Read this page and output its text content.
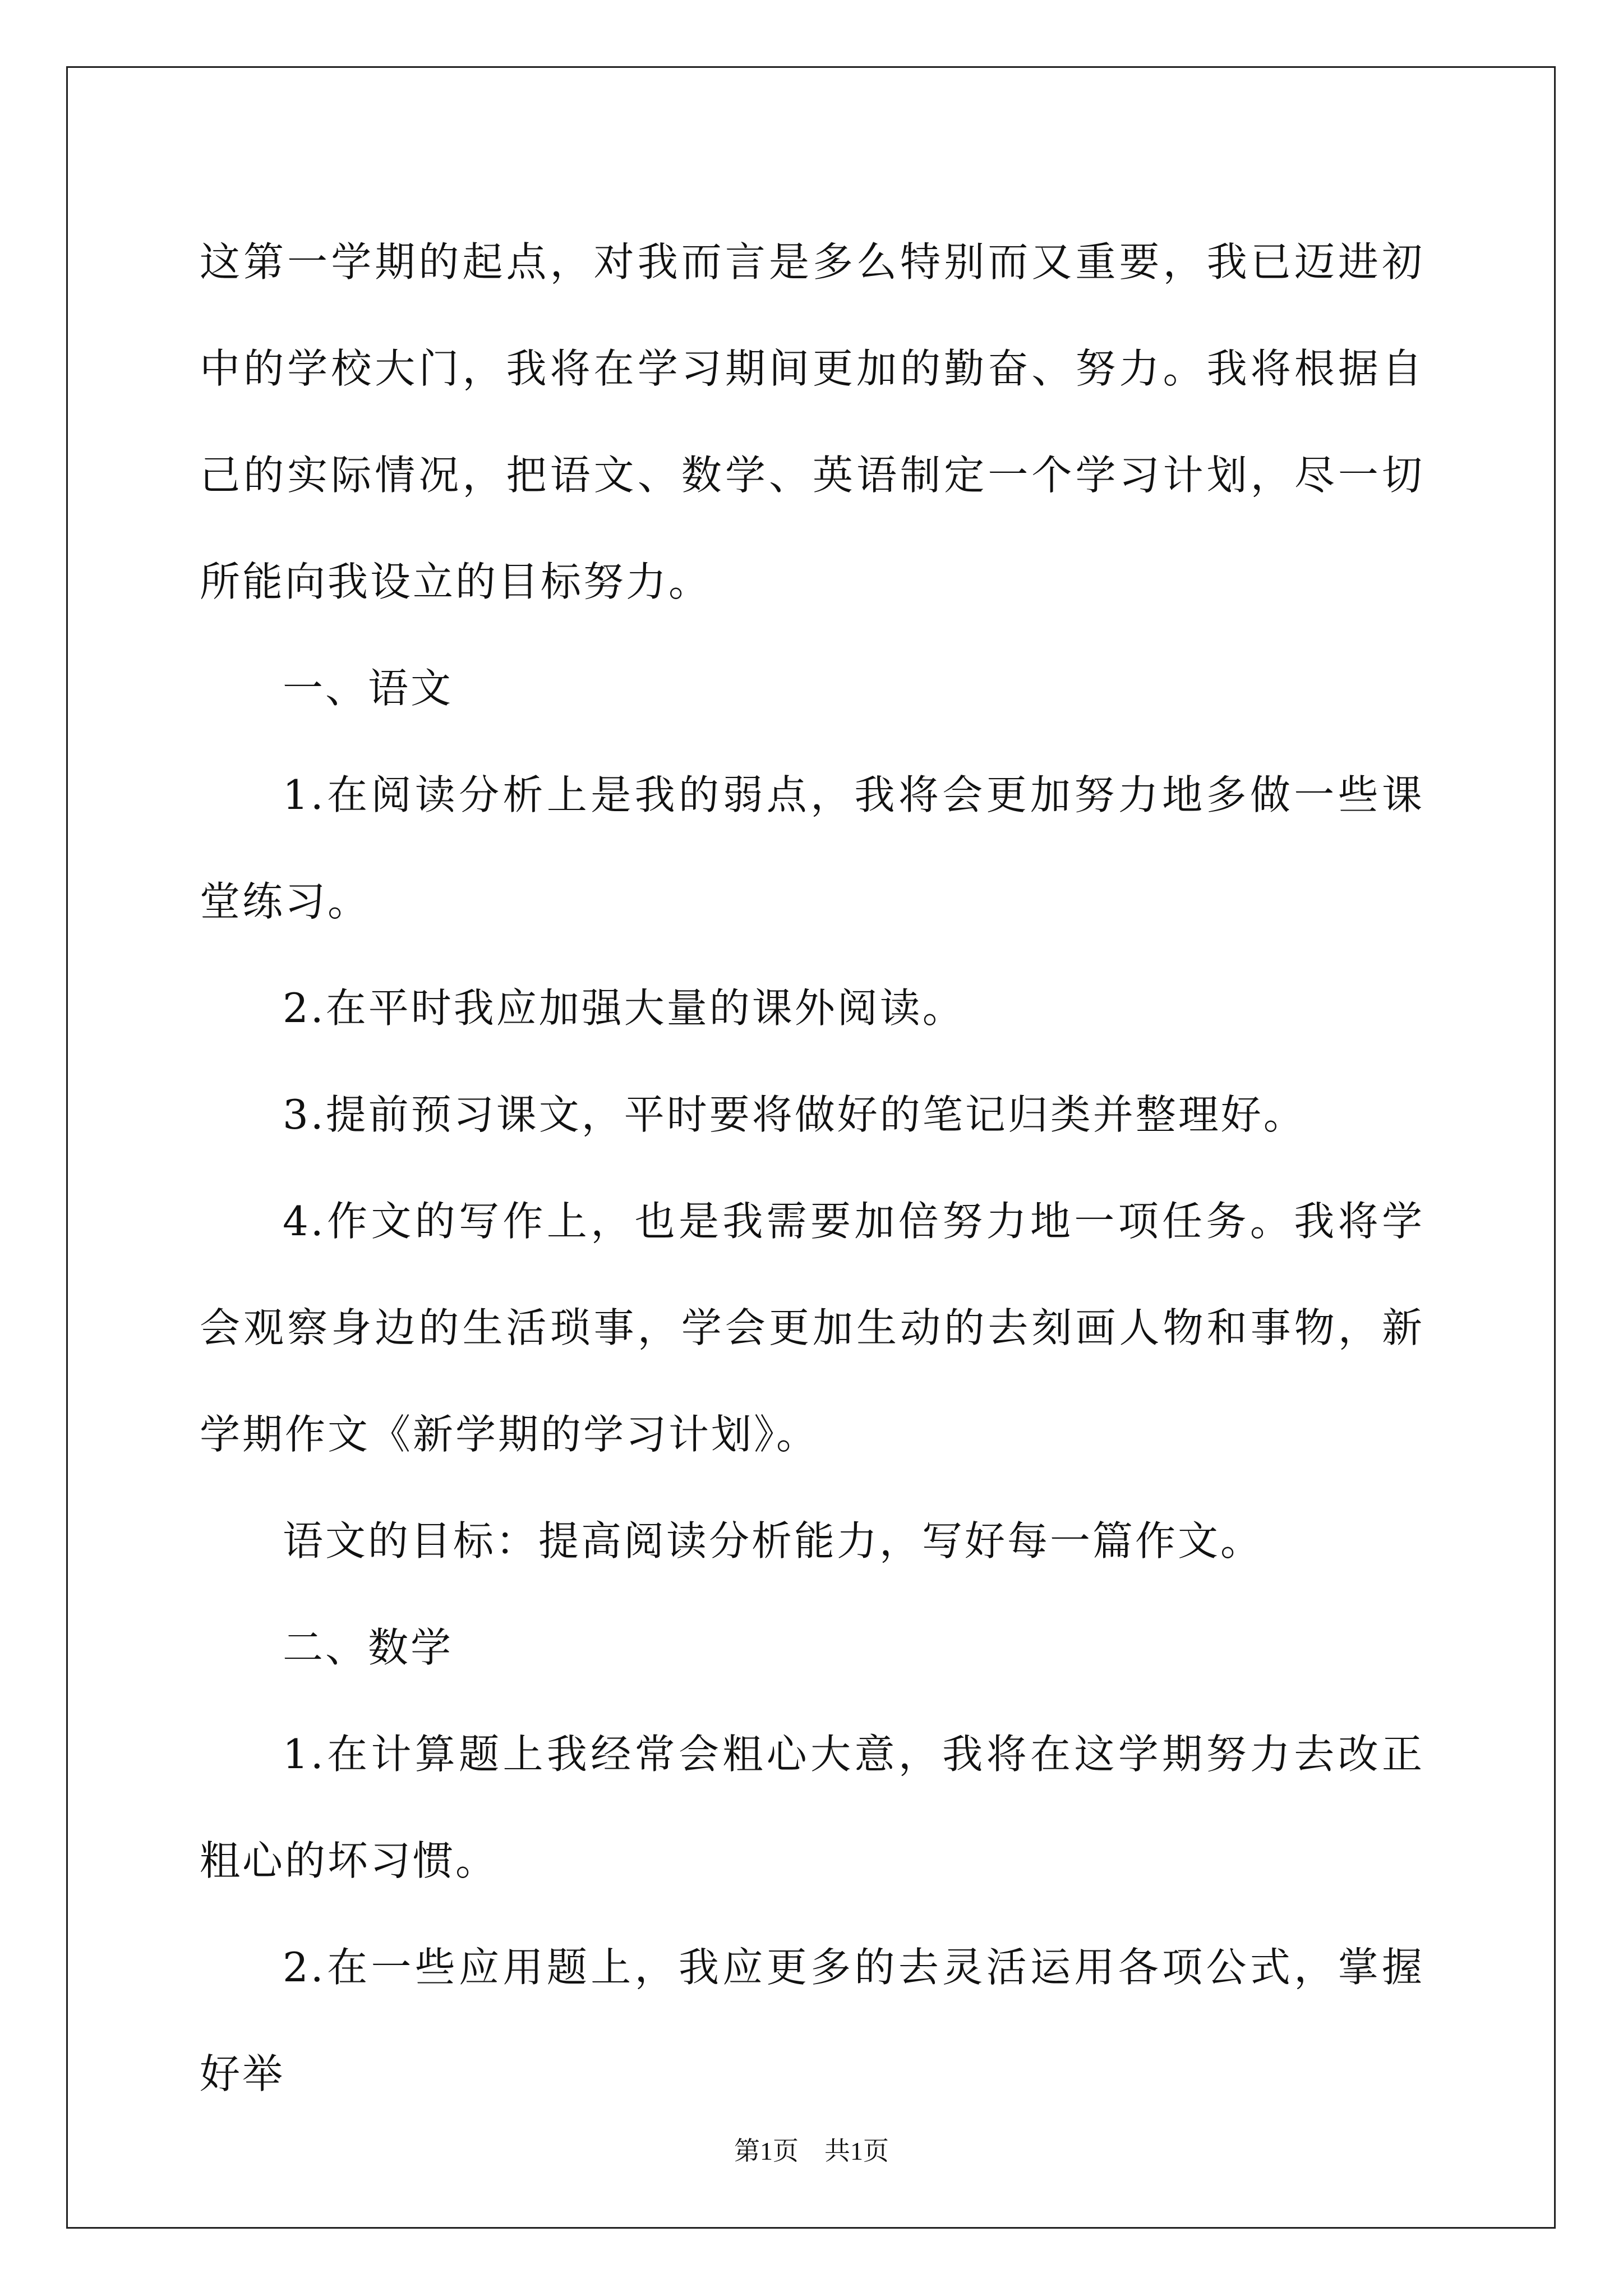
这第一学期的起点，对我而言是多么特别而又重要，我已迈进初中的学校大门，我将在学习期间更加的勤奋、努力。我将根据自己的实际情况，把语文、数学、英语制定一个学习计划，尽一切所能向我设立的目标努力。

一、语文

1.在阅读分析上是我的弱点，我将会更加努力地多做一些课堂练习。

2.在平时我应加强大量的课外阅读。

3.提前预习课文，平时要将做好的笔记归类并整理好。

4.作文的写作上，也是我需要加倍努力地一项任务。我将学会观察身边的生活琐事，学会更加生动的去刻画人物和事物，新学期作文《新学期的学习计划》。

语文的目标：提高阅读分析能力，写好每一篇作文。

二、数学

1.在计算题上我经常会粗心大意，我将在这学期努力去改正粗心的坏习惯。

2.在一些应用题上，我应更多的去灵活运用各项公式，掌握好举

第1页　共1页
